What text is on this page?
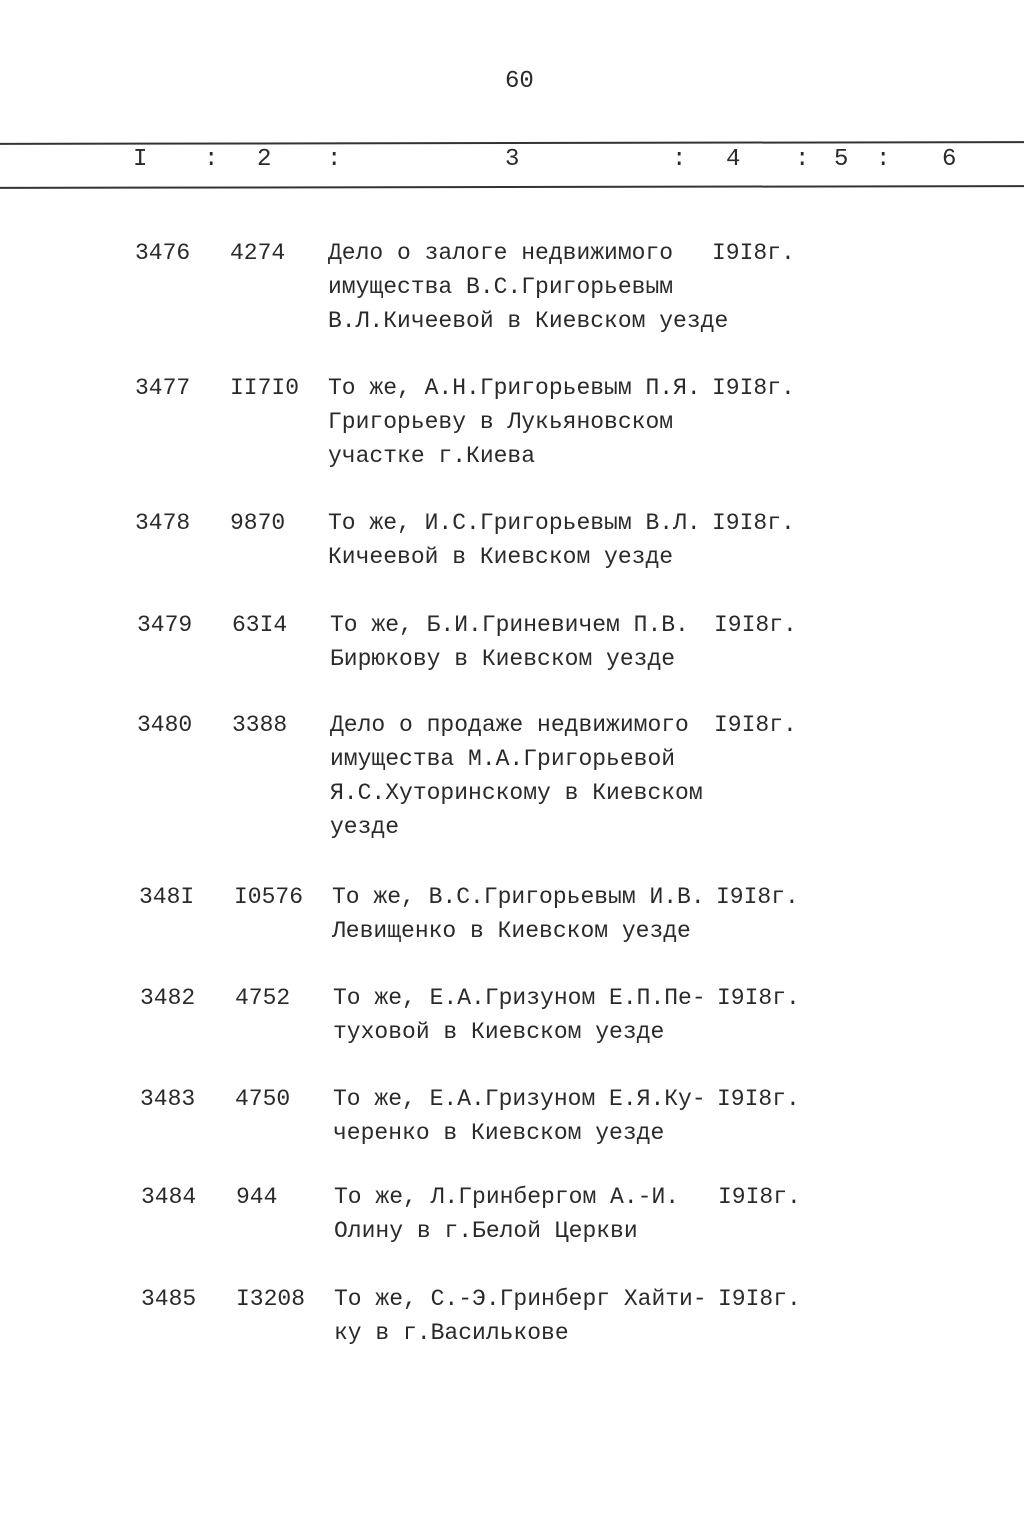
60
I : 2 :	3	: 4 : 5 : 6
3476 4274 Дело о залоге недвижимого
имущества В.С.Григорьевым
В.Л.Кичеевой в Киевском уезде
I9I8г.
3477 II7I0 То же, А.Н.Григорьевым П.Я.
Григорьеву в Лукьяновском
участке г.Киева
I9I8г.
3478 9870 То же, И.С.Григорьевым В.Л.
Кичеевой в Киевском уезде
I9I8г.
3479 63I4 То же, Б.И.Гриневичем П.В.
Бирюкову в Киевском уезде
I9I8г.
3480 3388 Дело о продаже недвижимого
имущества М.А.Григорьевой
Я.С.Хуторинскому в Киевском
уезде
I9I8г.
348I I0576 То же, В.С.Григорьевым И.В.
Левищенко в Киевском уезде
I9I8г.
3482 4752 То же, Е.А.Гризуном Е.П.Пе-
туховой в Киевском уезде
I9I8г.
3483 4750 То же, Е.А.Гризуном Е.Я.Ку-
черенко в Киевском уезде
I9I8г.
3484 944 То же, Л.Гринбергом А.-И.
Олину в г.Белой Церкви
I9I8г.
3485 I3208 То же, С.-Э.Гринберг Хайти-
ку в г.Василькове
I9I8г.
